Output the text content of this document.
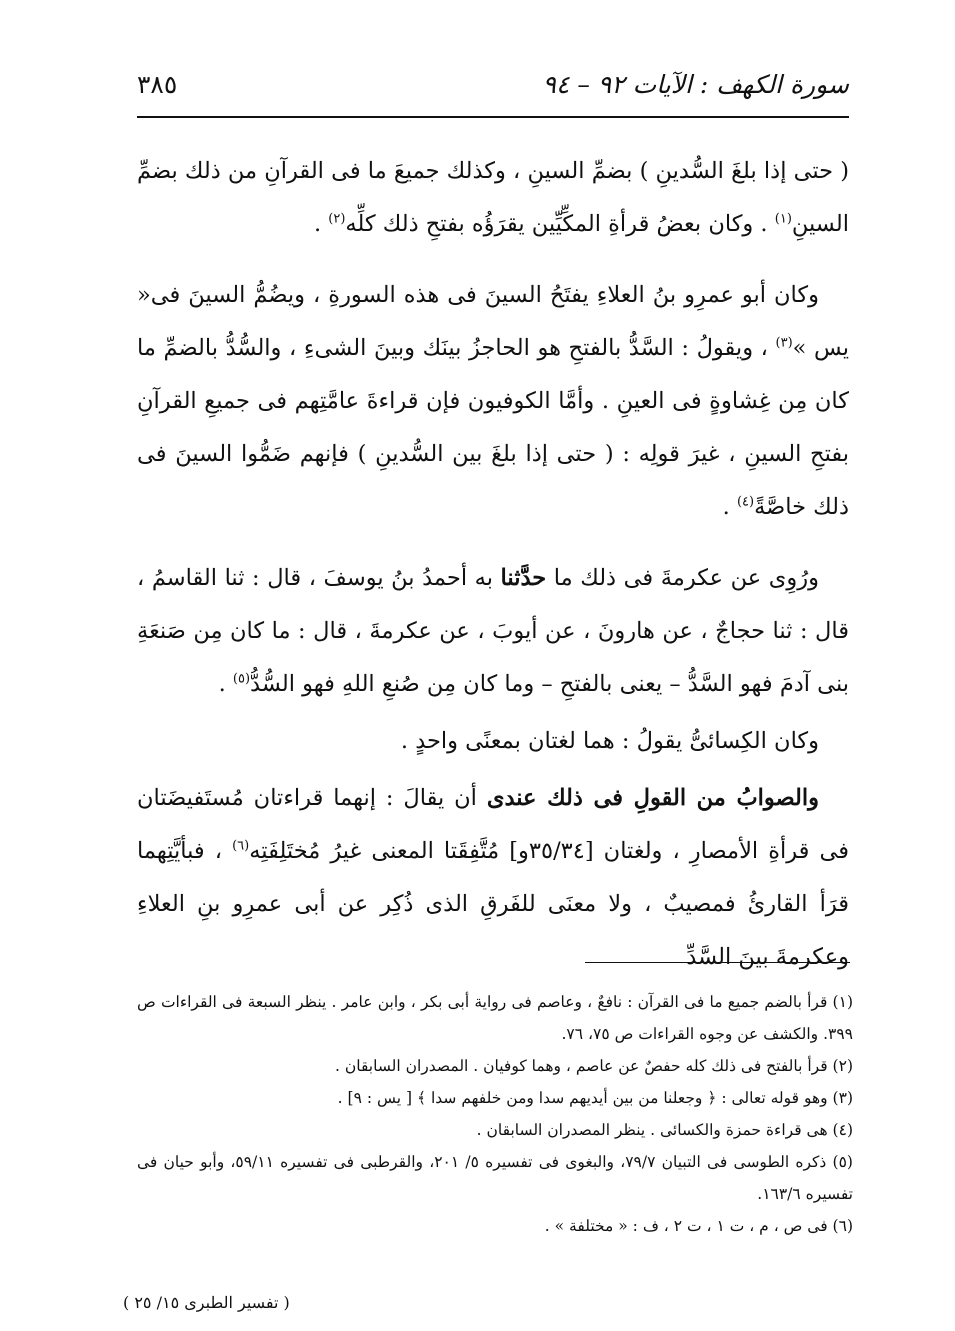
سورة الكهف : الآيات ٩٢ – ٩٤
٣٨٥

( حتى إذا بلغَ السُّدينِ ) بضمِّ السينِ ، وكذلك جميعَ ما فى القرآنِ من ذلك بضمِّ السينِ$^{(١)}$ . وكان بعضُ قرأةِ المكِّيِّين يقرَؤُه بفتحِ ذلك كلِّه$^{(٢)}$ .

وكان أبو عمرِو بنُ العلاءِ يفتَحُ السينَ فى هذه السورةِ ، ويضُمُّ السينَ فى« يس »$^{(٣)}$ ، ويقولُ : السَّدُّ بالفتحِ هو الحاجزُ بينَك وبينَ الشىءِ ، والسُّدُّ بالضمِّ ما كان مِن غِشاوةٍ فى العينِ . وأمَّا الكوفيون فإن قراءةَ عامَّتِهم فى جميعِ القرآنِ بفتحِ السينِ ، غيرَ قولِه : ( حتى إذا بلغَ بين السُّدينِ ) فإنهم ضَمُّوا السينَ فى ذلك خاصَّةً$^{(٤)}$ .

ورُوِى عن عكرمةَ فى ذلك ما حدَّثنا به أحمدُ بنُ يوسفَ ، قال : ثنا القاسمُ ، قال : ثنا حجاجٌ ، عن هارونَ ، عن أيوبَ ، عن عكرمةَ ، قال : ما كان مِن صَنعَةِ بنى آدمَ فهو السَّدُّ – يعنى بالفتحِ – وما كان مِن صُنعِ اللهِ فهو السُّدُّ$^{(٥)}$ .

وكان الكِسائىُّ يقولُ : هما لغتان بمعنًى واحدٍ .

والصوابُ من القولِ فى ذلك عندى أن يقالَ : إنهما قراءتان مُستَفيضَتان فى قرأةِ الأمصارِ ، ولغتان [٣٥/٣٤و] مُتَّفِقَتا المعنى غيرُ مُختَلِفَتِه$^{(٦)}$ ، فبأيَّتِهما قرَأ القارئُ فمصيبٌ ، ولا معنَى للفَرقِ الذى ذُكِر عن أبى عمرِو بنِ العلاءِ وعكرمةَ بينَ السَّدِّ

(١) قرأ بالضم جميع ما فى القرآن : نافعٌ ، وعاصم فى رواية أبى بكر ، وابن عامر . ينظر السبعة فى القراءات ص ٣٩٩. والكشف عن وجوه القراءات ص ٧٥، ٧٦.

(٢) قرأ بالفتح فى ذلك كله حفصٌ عن عاصم ، وهما كوفيان . المصدران السابقان .

(٣) وهو قوله تعالى : ﴿ وجعلنا من بين أيديهم سدا ومن خلفهم سدا ﴾ [ يس : ٩] .

(٤) هى قراءة حمزة والكسائى . ينظر المصدران السابقان .

(٥) ذكره الطوسى فى التبيان ٧٩/٧، والبغوى فى تفسيره ٥/ ٢٠١، والقرطبى فى تفسيره ٥٩/١١، وأبو حيان فى تفسيره ١٦٣/٦.

(٦) فى ص ، م ، ت ١ ، ت ٢ ، ف : « مختلفة » .

( تفسير الطبرى ١٥/ ٢٥ )
